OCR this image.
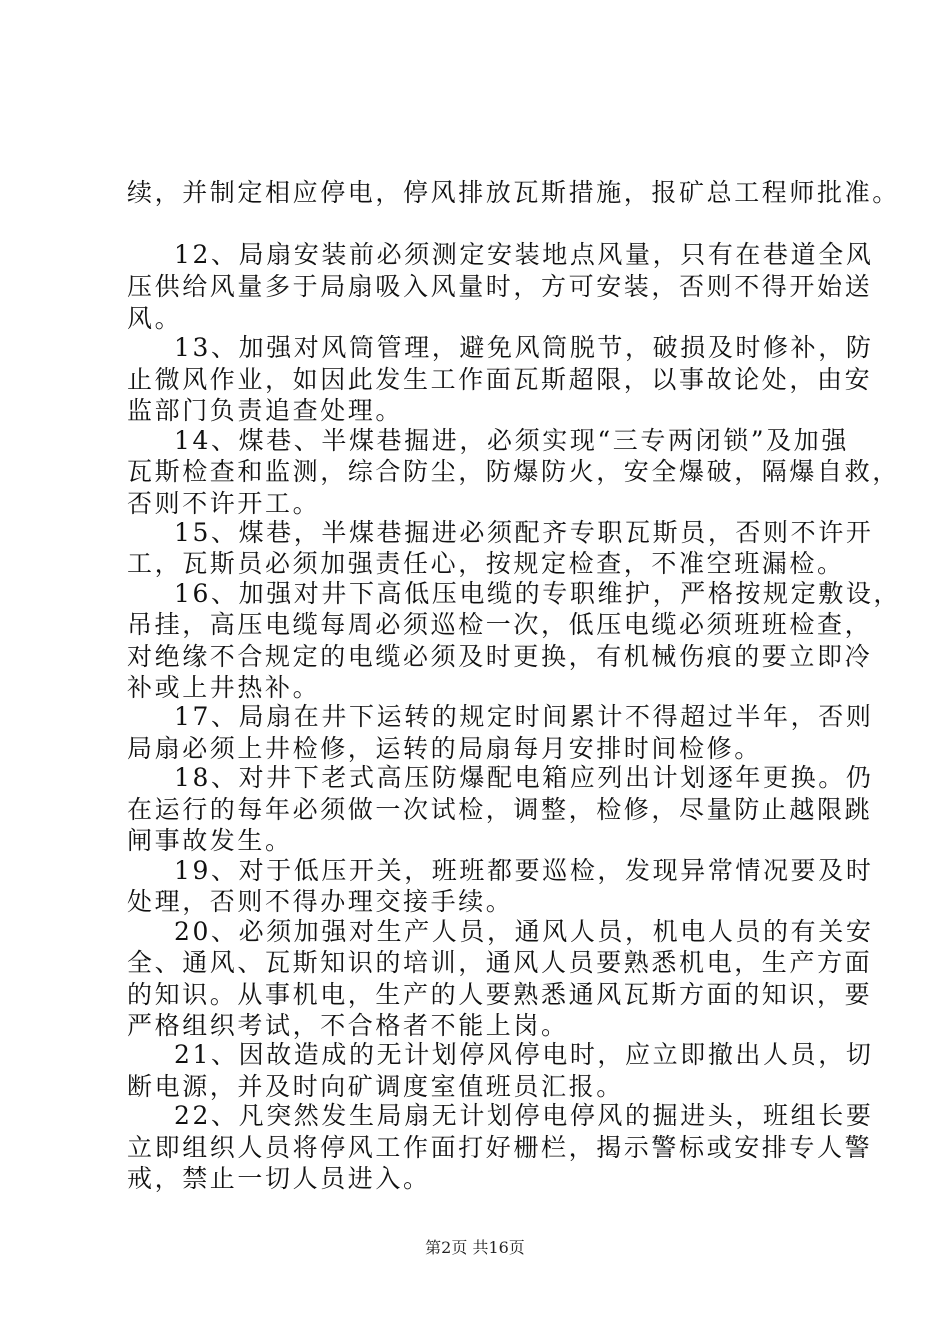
续，并制定相应停电，停风排放瓦斯措施，报矿总工程师批准。
12、局扇安装前必须测定安装地点风量，只有在巷道全风
压供给风量多于局扇吸入风量时，方可安装，否则不得开始送
风。
13、加强对风筒管理，避免风筒脱节，破损及时修补，防
止微风作业，如因此发生工作面瓦斯超限，以事故论处，由安
监部门负责追查处理。
14、煤巷、半煤巷掘进，必须实现“三专两闭锁”及加强
瓦斯检查和监测，综合防尘，防爆防火，安全爆破，隔爆自救，
否则不许开工。
15、煤巷，半煤巷掘进必须配齐专职瓦斯员，否则不许开
工，瓦斯员必须加强责任心，按规定检查，不准空班漏检。
16、加强对井下高低压电缆的专职维护，严格按规定敷设，
吊挂，高压电缆每周必须巡检一次，低压电缆必须班班检查，
对绝缘不合规定的电缆必须及时更换，有机械伤痕的要立即冷
补或上井热补。
17、局扇在井下运转的规定时间累计不得超过半年，否则
局扇必须上井检修，运转的局扇每月安排时间检修。
18、对井下老式高压防爆配电箱应列出计划逐年更换。仍
在运行的每年必须做一次试检，调整，检修，尽量防止越限跳
闸事故发生。
19、对于低压开关，班班都要巡检，发现异常情况要及时
处理，否则不得办理交接手续。
20、必须加强对生产人员，通风人员，机电人员的有关安
全、通风、瓦斯知识的培训，通风人员要熟悉机电，生产方面
的知识。从事机电，生产的人要熟悉通风瓦斯方面的知识，要
严格组织考试，不合格者不能上岗。
21、因故造成的无计划停风停电时，应立即撤出人员，切
断电源，并及时向矿调度室值班员汇报。
22、凡突然发生局扇无计划停电停风的掘进头，班组长要
立即组织人员将停风工作面打好栅栏，揭示警标或安排专人警
戒，禁止一切人员进入。
第2页 共16页
